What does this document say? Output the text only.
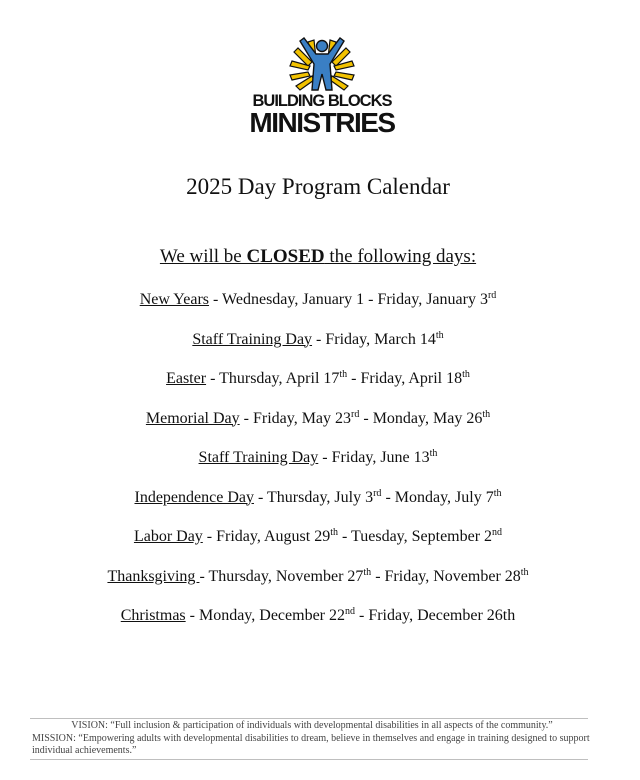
BUILDING BLOCKS
MINISTRIES
2025 Day Program Calendar
We will be CLOSED the following days:
New Years - Wednesday, January 1 - Friday, January 3rd
Staff Training Day - Friday, March 14th
Easter - Thursday, April 17th - Friday, April 18th
Memorial Day - Friday, May 23rd - Monday, May 26th
Staff Training Day - Friday, June 13th
Independence Day - Thursday, July 3rd - Monday, July 7th
Labor Day - Friday, August 29th - Tuesday, September 2nd
Thanksgiving - Thursday, November 27th - Friday, November 28th
Christmas - Monday, December 22nd - Friday, December 26th
VISION: “Full inclusion & participation of individuals with developmental disabilities in all aspects of the community.”
MISSION: “Empowering adults with developmental disabilities to dream, believe in themselves and engage in training designed to support individual achievements.”
